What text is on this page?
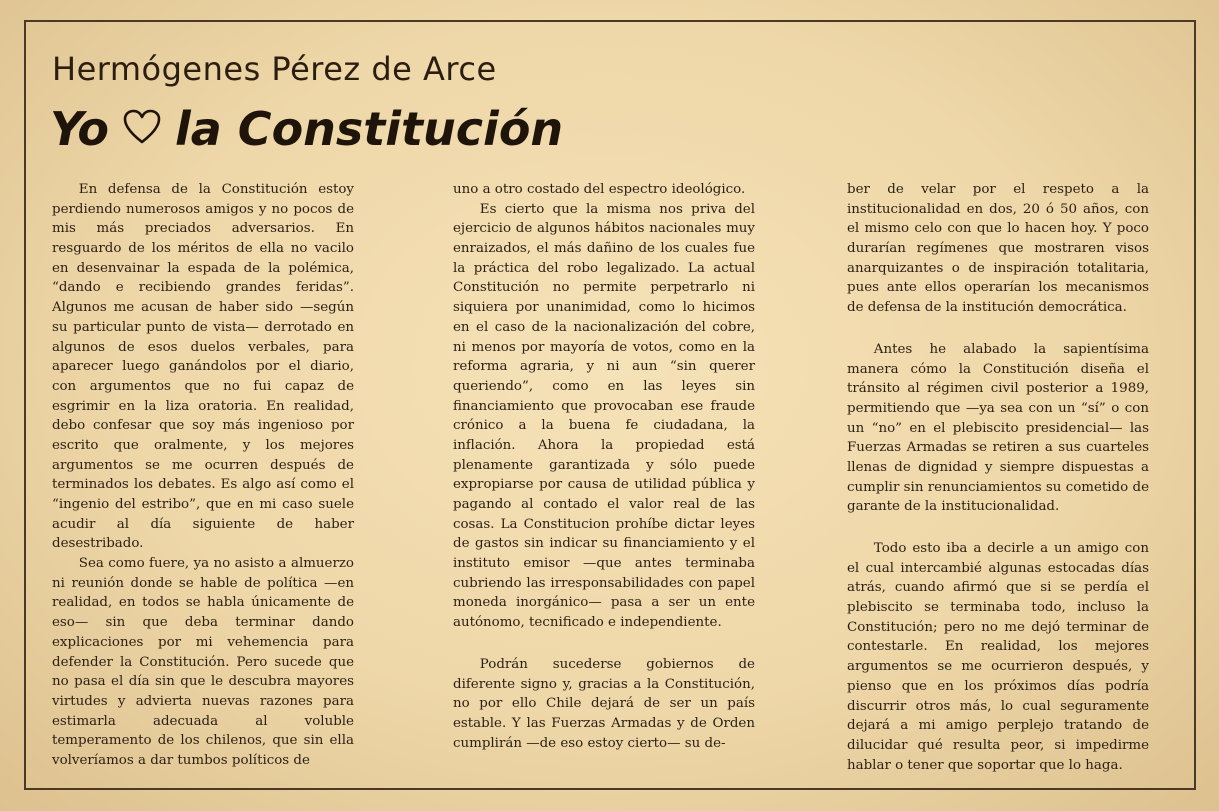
Hermógenes Pérez de Arce
Yo la Constitución

En defensa de la Constitución estoy perdiendo numerosos amigos y no pocos de mis más preciados adversarios. En resguardo de los méritos de ella no vacilo en desenvainar la espada de la polémica, “dando e recibiendo grandes feridas”. Algunos me acusan de haber sido —según su particular punto de vista— derrotado en algunos de esos duelos verbales, para aparecer luego ganándolos por el diario, con argumentos que no fui capaz de esgrimir en la liza oratoria. En realidad, debo confesar que soy más ingenioso por escrito que oralmente, y los mejores argumentos se me ocurren después de terminados los debates. Es algo así como el “ingenio del estribo”, que en mi caso suele acudir al día siguiente de haber desestribado.

Sea como fuere, ya no asisto a almuerzo ni reunión donde se hable de política —en realidad, en todos se habla únicamente de eso— sin que deba terminar dando explicaciones por mi vehemencia para defender la Constitución. Pero sucede que no pasa el día sin que le descubra mayores virtudes y advierta nuevas razones para estimarla adecuada al voluble temperamento de los chilenos, que sin ella volveríamos a dar tumbos políticos de

uno a otro costado del espectro ideológico.

Es cierto que la misma nos priva del ejercicio de algunos hábitos nacionales muy enraizados, el más dañino de los cuales fue la práctica del robo legalizado. La actual Constitución no permite perpetrarlo ni siquiera por unanimidad, como lo hicimos en el caso de la nacionalización del cobre, ni menos por mayoría de votos, como en la reforma agraria, y ni aun “sin querer queriendo”, como en las leyes sin financiamiento que provocaban ese fraude crónico a la buena fe ciudadana, la inflación. Ahora la propiedad está plenamente garantizada y sólo puede expropiarse por causa de utilidad pública y pagando al contado el valor real de las cosas. La Constitucion prohíbe dictar leyes de gastos sin indicar su financiamiento y el instituto emisor —que antes terminaba cubriendo las irresponsabilidades con papel moneda inorgánico— pasa a ser un ente autónomo, tecnificado e independiente.

Podrán sucederse gobiernos de diferente signo y, gracias a la Constitución, no por ello Chile dejará de ser un país estable. Y las Fuerzas Armadas y de Orden cumplirán —de eso estoy cierto— su de-

ber de velar por el respeto a la institucionalidad en dos, 20 ó 50 años, con el mismo celo con que lo hacen hoy. Y poco durarían regímenes que mostraren visos anarquizantes o de inspiración totalitaria, pues ante ellos operarían los mecanismos de defensa de la institución democrática.

Antes he alabado la sapientísima manera cómo la Constitución diseña el tránsito al régimen civil posterior a 1989, permitiendo que —ya sea con un “sí” o con un “no” en el plebiscito presidencial— las Fuerzas Armadas se retiren a sus cuarteles llenas de dignidad y siempre dispuestas a cumplir sin renunciamientos su cometido de garante de la institucionalidad.

Todo esto iba a decirle a un amigo con el cual intercambié algunas estocadas días atrás, cuando afirmó que si se perdía el plebiscito se terminaba todo, incluso la Constitución; pero no me dejó terminar de contestarle. En realidad, los mejores argumentos se me ocurrieron después, y pienso que en los próximos días podría discurrir otros más, lo cual seguramente dejará a mi amigo perplejo tratando de dilucidar qué resulta peor, si impedirme hablar o tener que soportar que lo haga.
